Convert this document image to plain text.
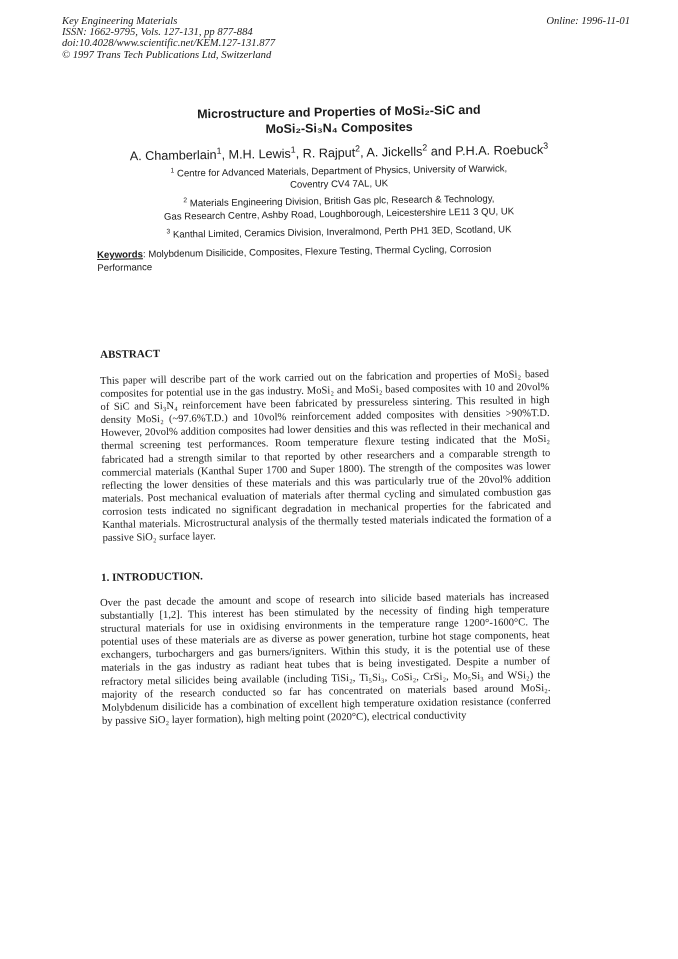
Key Engineering Materials
ISSN: 1662-9795, Vols. 127-131, pp 877-884
doi:10.4028/www.scientific.net/KEM.127-131.877
© 1997 Trans Tech Publications Ltd, Switzerland
Online: 1996-11-01
Microstructure and Properties of MoSi₂-SiC and
MoSi₂-Si₃N₄ Composites
A. Chamberlain$^1$, M.H. Lewis$^1$, R. Rajput$^2$, A. Jickells$^2$ and P.H.A. Roebuck$^3$
$^1$ Centre for Advanced Materials, Department of Physics, University of Warwick,
Coventry CV4 7AL, UK
$^2$ Materials Engineering Division, British Gas plc, Research & Technology,
Gas Research Centre, Ashby Road, Loughborough, Leicestershire LE11 3 QU, UK
$^3$ Kanthal Limited, Ceramics Division, Inveralmond, Perth PH1 3ED, Scotland, UK
Keywords: Molybdenum Disilicide, Composites, Flexure Testing, Thermal Cycling, Corrosion Performance
ABSTRACT
This paper will describe part of the work carried out on the fabrication and properties of MoSi₂ based composites for potential use in the gas industry. MoSi₂ and MoSi₂ based composites with 10 and 20vol% of SiC and Si₃N₄ reinforcement have been fabricated by pressureless sintering. This resulted in high density MoSi₂ (~97.6%T.D.) and 10vol% reinforcement added composites with densities >90%T.D. However, 20vol% addition composites had lower densities and this was reflected in their mechanical and thermal screening test performances. Room temperature flexure testing indicated that the MoSi₂ fabricated had a strength similar to that reported by other researchers and a comparable strength to commercial materials (Kanthal Super 1700 and Super 1800). The strength of the composites was lower reflecting the lower densities of these materials and this was particularly true of the 20vol% addition materials. Post mechanical evaluation of materials after thermal cycling and simulated combustion gas corrosion tests indicated no significant degradation in mechanical properties for the fabricated and Kanthal materials. Microstructural analysis of the thermally tested materials indicated the formation of a passive SiO₂ surface layer.
1. INTRODUCTION.
Over the past decade the amount and scope of research into silicide based materials has increased substantially [1,2]. This interest has been stimulated by the necessity of finding high temperature structural materials for use in oxidising environments in the temperature range 1200°-1600°C. The potential uses of these materials are as diverse as power generation, turbine hot stage components, heat exchangers, turbochargers and gas burners/igniters. Within this study, it is the potential use of these materials in the gas industry as radiant heat tubes that is being investigated. Despite a number of refractory metal silicides being available (including TiSi₂, Ti₅Si₃, CoSi₂, CrSi₂, Mo₅Si₃ and WSi₂) the majority of the research conducted so far has concentrated on materials based around MoSi₂. Molybdenum disilicide has a combination of excellent high temperature oxidation resistance (conferred by passive SiO₂ layer formation), high melting point (2020°C), electrical conductivity
